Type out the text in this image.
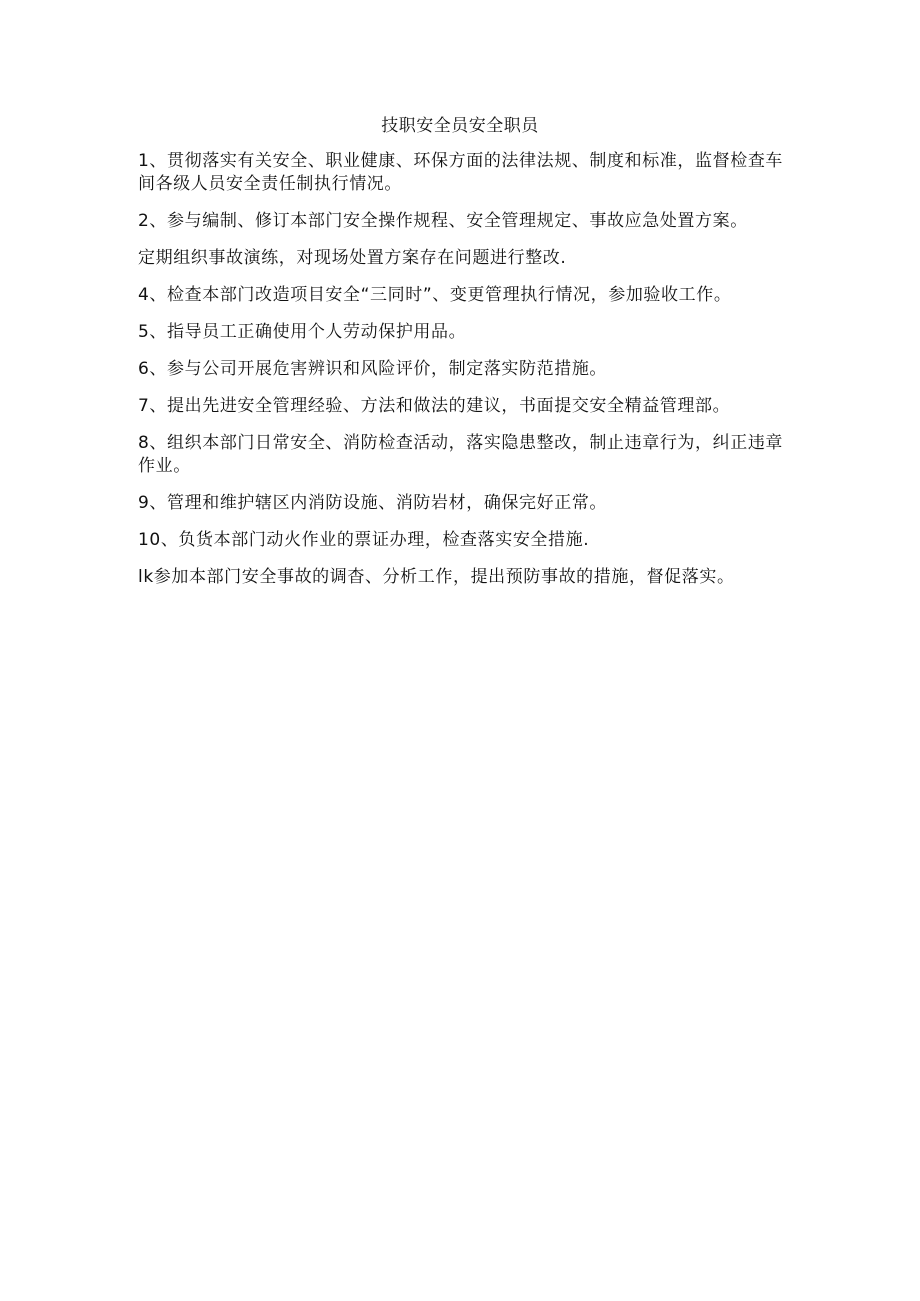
技职安全员安全职员

1、贯彻落实有关安全、职业健康、环保方面的法律法规、制度和标准，监督检查车间各级人员安全责任制执行情况。

2、参与编制、修订本部门安全操作规程、安全管理规定、事故应急处置方案。

定期组织事故演练，对现场处置方案存在问题进行整改.

4、检查本部门改造项目安全“三同时”、变更管理执行情况，参加验收工作。

5、指导员工正确使用个人劳动保护用品。

6、参与公司开展危害辨识和风险评价，制定落实防范措施。

7、提出先进安全管理经验、方法和做法的建议，书面提交安全精益管理部。

8、组织本部门日常安全、消防检查活动，落实隐患整改，制止违章行为，纠正违章作业。

9、管理和维护辖区内消防设施、消防岩材，确保完好正常。

10、负货本部门动火作业的票证办理，检查落实安全措施.

lk参加本部门安全事故的调杳、分析工作，提出预防事故的措施，督促落实。
